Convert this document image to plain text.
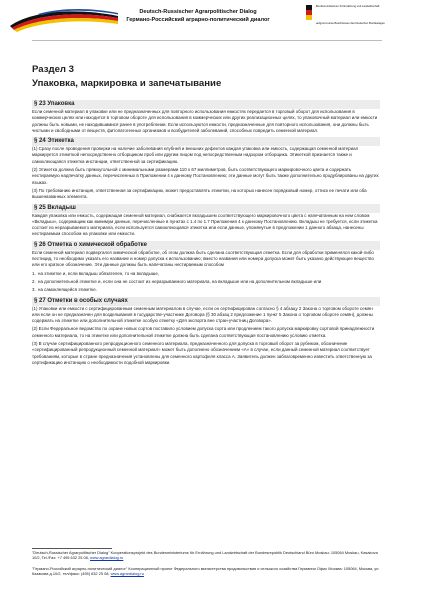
Deutsch-Russischer Agrarpolitischer Dialog
Германо-Российский аграрно-политический диалог
Bundesministerium für Ernährung und Landwirtschaft
aufgrund eines Beschlusses des Deutschen Bundestages
Раздел 3
Упаковка, маркировка и запечатывание
§ 23 Упаковка
Если семенной материал в упаковке или не предназначенных для повторного использования емкостях передается в торговый оборот для использования в коммерческих целях или находится в торговом обороте для использования в коммерческих или других реализационных целях, то упаковочный материал или емкости должны быть новыми, не находившимися ранее в употреблении. Если используются емкости, предназначенные для повторного использования, они должны быть чистыми и свободными от веществ, фитопатогенных организмов и возбудителей заболеваний, способных повредить семенной материал.
§ 24 Этикетка
(1) Сразу после проведения проверки на наличие заболевания клубней и внешних дефектов каждая упаковка или емкость, содержащая семенной материал маркируется этикеткой непосредственно отборщиком проб или другим лицом под непосредственным надзором отборщика. Этикеткой признается также и самоклеющаяся этикетка инстанции, ответственной за сертификацию.
(2) Этикетка должна быть прямоугольной с минимальными размерами 110 x 67 миллиметров, быть соответствующего маркировочного цвета и содержать нестираемую надпечатку данных, перечисленных в Приложении 4 к данному Постановлению; эти данные могут быть также дополнительно продублированы на других языках.
(3) По требованию инстанция, ответственная за сертификацию, может предоставлять этикетки, на которых нанесен порядковый номер, оттиск ее печати или оба вышеназванных элемента.
§ 25 Вкладыш
Каждая упаковка или емкость, содержащая семенной материал, снабжается вкладышем соответствующего маркировочного цвета с напечатанным на нем словом «Вкладыш», содержащим как минимум данные, перечисленные в пунктах с 1.4 по 1.7 Приложения 4 к данному Постановлению. Вкладыш не требуется, если этикетка состоит из неразрываемого материала, если используется самоклеющаяся этикетка или если данные, упомянутые в предложении 1 данного абзаца, нанесены нестираемым способом на упаковке или емкости.
§ 26 Отметка о химической обработке
Если семенной материал подвергался химической обработке, об этом должна быть сделана соответствующая отметка. Если для обработки применялся какой-либо пестицид, то необходимо указать его название и номер допуска к использованию; вместо названия или номера допуска может быть указано действующее вещество или его краткое обозначение. Эти данные должны быть напечатаны нестираемым способом
1. на этикетке и, если вкладыш обязателен, то на вкладыше,
2. на дополнительной этикетке и, если она не состоит из неразрываемого материала, на вкладыше или на дополнительном вкладыше или
3. на самоклеящейся этикетке.
§ 27 Отметки в особых случаях
(1) Упаковки или емкости с сертифицированным семенным материалом в случае, если он сертифицирован согласно § 4 абзацу 2 Закона о торговом обороте семян или если он не предназначен для возделывания в государстве-участнике Договора (§ 30 абзац 2 предложение 1 пункт 5 Закона о торговом обороте семян), должны содержать на этикетке или дополнительной этикетке особую отметку «Для экспорта вне стран-участниц Договора».
(2) Если Федеральное ведомство по охране новых сортов поставило условием допуска сорта или продлением такого допуска маркировку сортовой принадлежности семенного материала, то на этикетке или дополнительной этикетке должна быть сделана соответствующая постановлению условию отметка.
(3) В случае сертифицированного репродукционного семенного материала, предназначенного для допуска в торговый оборот за рубежом, обозначение «сертифицированный репродукционный семенной материал» может быть дополнено обозначением «А» в случае, если данный семенной материал соответствует требованиям, которые в стране предназначения установлены для семенного картофеля класса А. Заявитель должен заблаговременно известить ответственную за сертификацию инстанцию о необходимости подобной маркировки.
"Deutsch-Russischer Agrarpolitischer Dialog" Kooperationsprojekt des Bundesministeriums für Ernährung und Landwirtschaft der Bundesrepublik Deutschland Büro Moskau: 105064 Moskau, Kasakova 10/2, Tel./Fax: +7 495 632 25 08, www.agrardialog.ru
"Германо-Российский аграрно-политический диалог" Кооперационный проект Федерального министерства продовольствия и сельского хозяйства Германии Офис Москва: 105064, Москва, ул. Казакова д.10/2, тел/факс: (495) 632 25 08, www.agrardialog.ru
